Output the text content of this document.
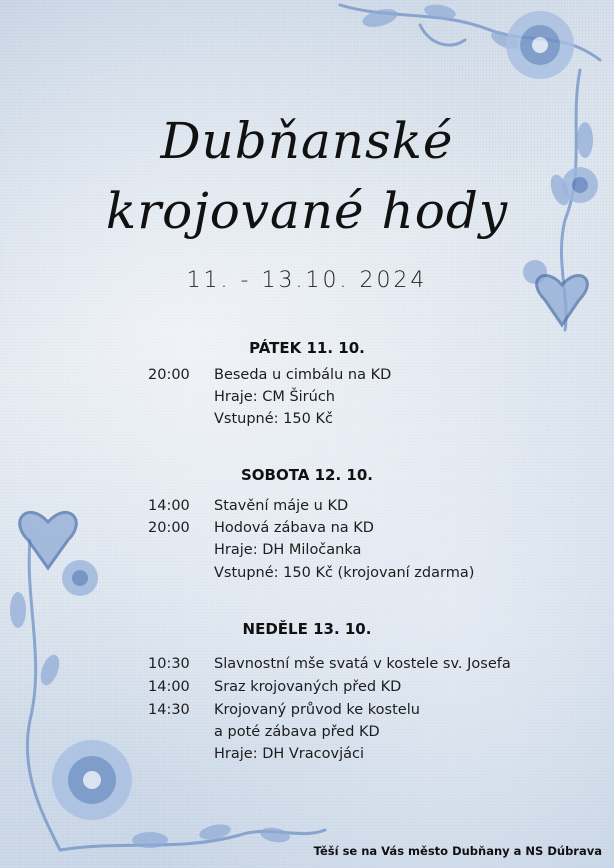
Dubňanské
krojované hody
11. - 13.10. 2024
PÁTEK 11. 10.
20:00 Beseda u cimbálu na KD
Hraje: CM Širúch
Vstupné: 150 Kč
SOBOTA 12. 10.
14:00 Stavění máje u KD
20:00 Hodová zábava na KD
Hraje: DH Miločanka
Vstupné: 150 Kč (krojovaní zdarma)
NEDĚLE 13. 10.
10:30 Slavnostní mše svatá v kostele sv. Josefa
14:00 Sraz krojovaných před KD
14:30 Krojovaný průvod ke kostelu
a poté zábava před KD
Hraje: DH Vracovjáci
Těší se na Vás město Dubňany a NS Dúbrava
